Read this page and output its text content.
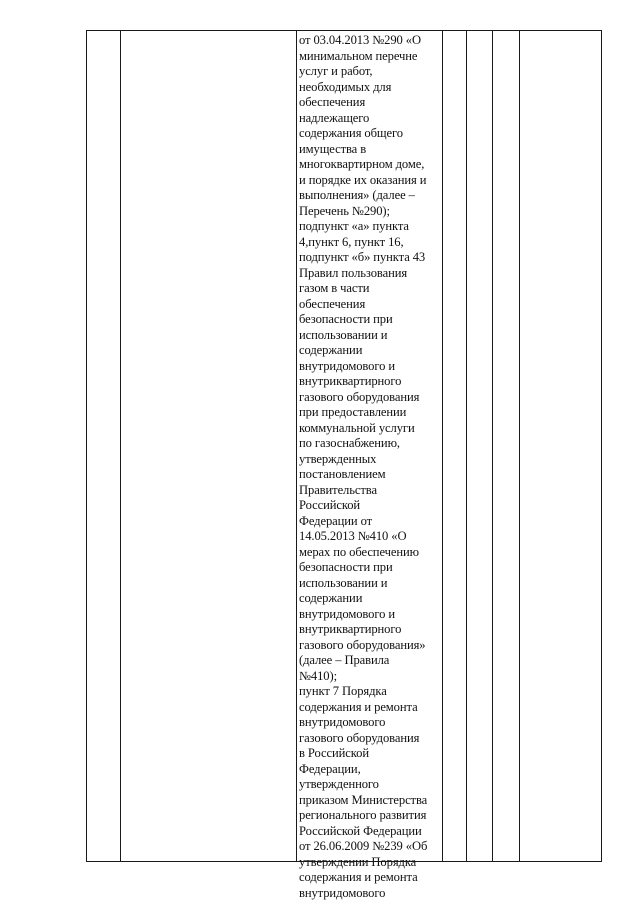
от 03.04.2013 №290 «О
минимальном перечне
услуг и работ,
необходимых для
обеспечения
надлежащего
содержания общего
имущества в
многоквартирном доме,
и порядке их оказания и
выполнения» (далее –
Перечень №290);
подпункт «а» пункта
4,пункт 6, пункт 16,
подпункт «б» пункта 43
Правил пользования
газом в части
обеспечения
безопасности при
использовании и
содержании
внутридомового и
внутриквартирного
газового оборудования
при предоставлении
коммунальной услуги
по газоснабжению,
утвержденных
постановлением
Правительства
Российской
Федерации от
14.05.2013 №410 «О
мерах по обеспечению
безопасности при
использовании и
содержании
внутридомового и
внутриквартирного
газового оборудования»
(далее – Правила
№410);
пункт 7 Порядка
содержания и ремонта
внутридомового
газового оборудования
в Российской
Федерации,
утвержденного
приказом Министерства
регионального развития
Российской Федерации
от 26.06.2009 №239 «Об
утверждении Порядка
содержания и ремонта
внутридомового
